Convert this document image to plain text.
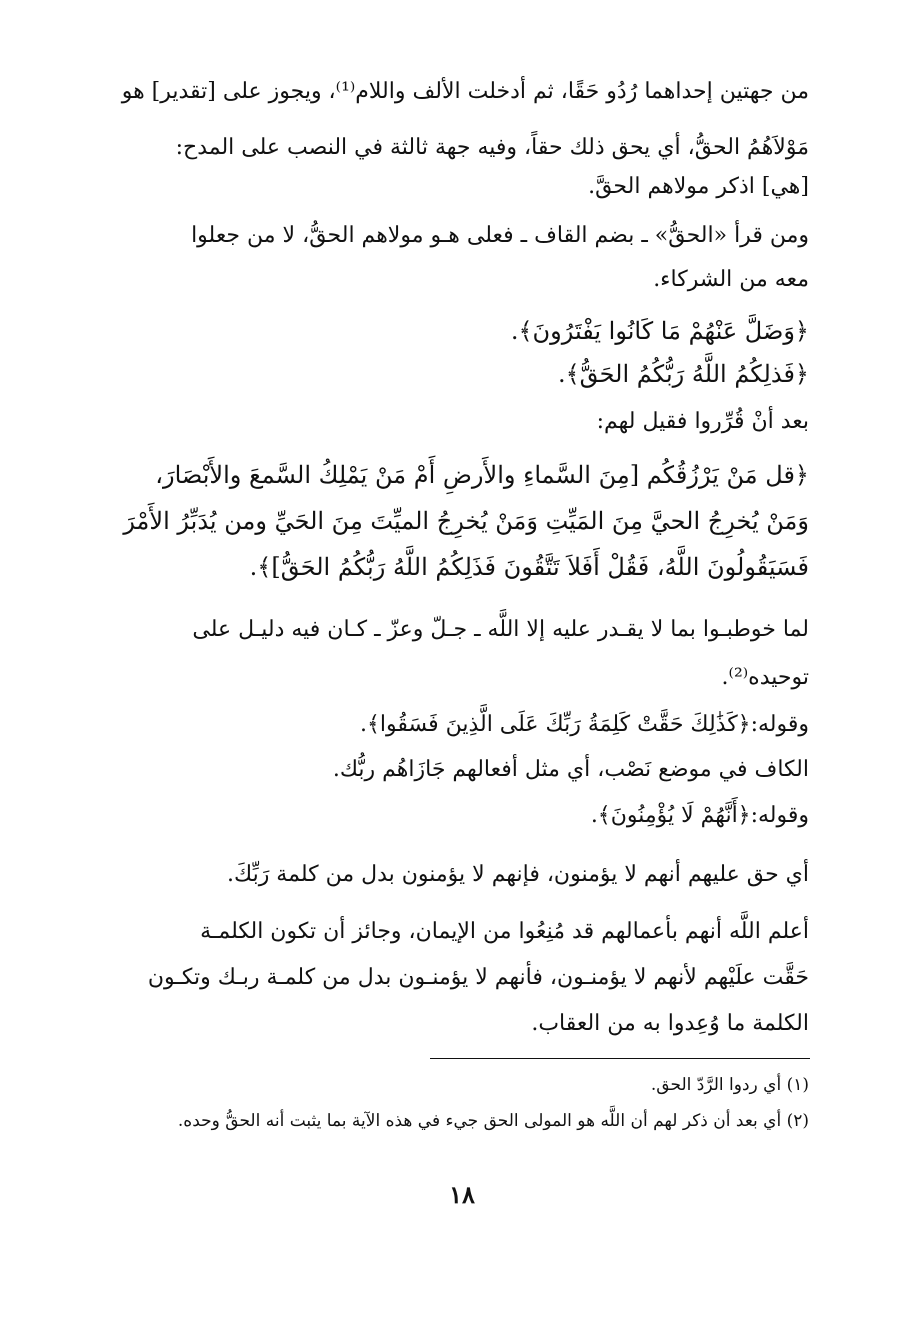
من جهتين إحداهما رُدُو حَقًا، ثم أدخلت الألف واللام⁽¹⁾، ويجوز على [تقدير] هو
مَوْلاَهُمُ الحقُّ، أي يحق ذلك حقاً، وفيه جهة ثالثة في النصب على المدح:
[هي] اذكر مولاهم الحقَّ.
ومن قرأ «الحقُّ» ـ بضم القاف ـ فعلى هـو مولاهم الحقُّ، لا من جعلوا
معه من الشركاء.
﴿وَضَلَّ عَنْهُمْ مَا كَانُوا يَفْتَرُونَ﴾.
﴿فَذلِكُمُ اللَّهُ رَبُّكُمُ الحَقُّ﴾.
بعد أنْ قُرِّروا فقيل لهم:
﴿قل مَنْ يَرْزُقُكُم [مِنَ السَّماءِ والأَرضِ أَمْ مَنْ يَمْلِكُ السَّمعَ والأَبْصَارَ،
وَمَنْ يُخرِجُ الحيَّ مِنَ المَيِّتِ وَمَنْ يُخرِجُ الميِّتَ مِنَ الحَيِّ ومن يُدَبِّرُ الأَمْرَ
فَسَيَقُولُونَ اللَّهُ، فَقُلْ أَفَلاَ تَتَّقُونَ فَذَلِكُمُ اللَّهُ رَبُّكُمُ الحَقُّ]﴾.
لما خوطبـوا بما لا يقـدر عليه إلا اللَّه ـ جـلّ وعزّ ـ كـان فيه دليـل على
توحيده⁽²⁾.
وقوله:﴿كَذَٰلِكَ حَقَّتْ كَلِمَةُ رَبِّكَ عَلَى الَّذِينَ فَسَقُوا﴾.
الكاف في موضع نَصْب، أي مثل أفعالهم جَازَاهُم ربُّك.
وقوله:﴿أَنَّهُمْ لَا يُؤْمِنُونَ﴾.
أي حق عليهم أنهم لا يؤمنون، فإنهم لا يؤمنون بدل من كلمة رَبِّكَ.
أعلم اللَّه أنهم بأعمالهم قد مُنِعُوا من الإيمان، وجائز أن تكون الكلمـة
حَقَّت علَيْهم لأنهم لا يؤمنـون، فأنهم لا يؤمنـون بدل من كلمـة ربـك وتكـون
الكلمة ما وُعِدوا به من العقاب.
(١) أي ردوا الرَّدّ الحق.
(٢) أي بعد أن ذكر لهم أن اللَّه هو المولى الحق جيء في هذه الآية بما يثبت أنه الحقُّ وحده.
١٨
